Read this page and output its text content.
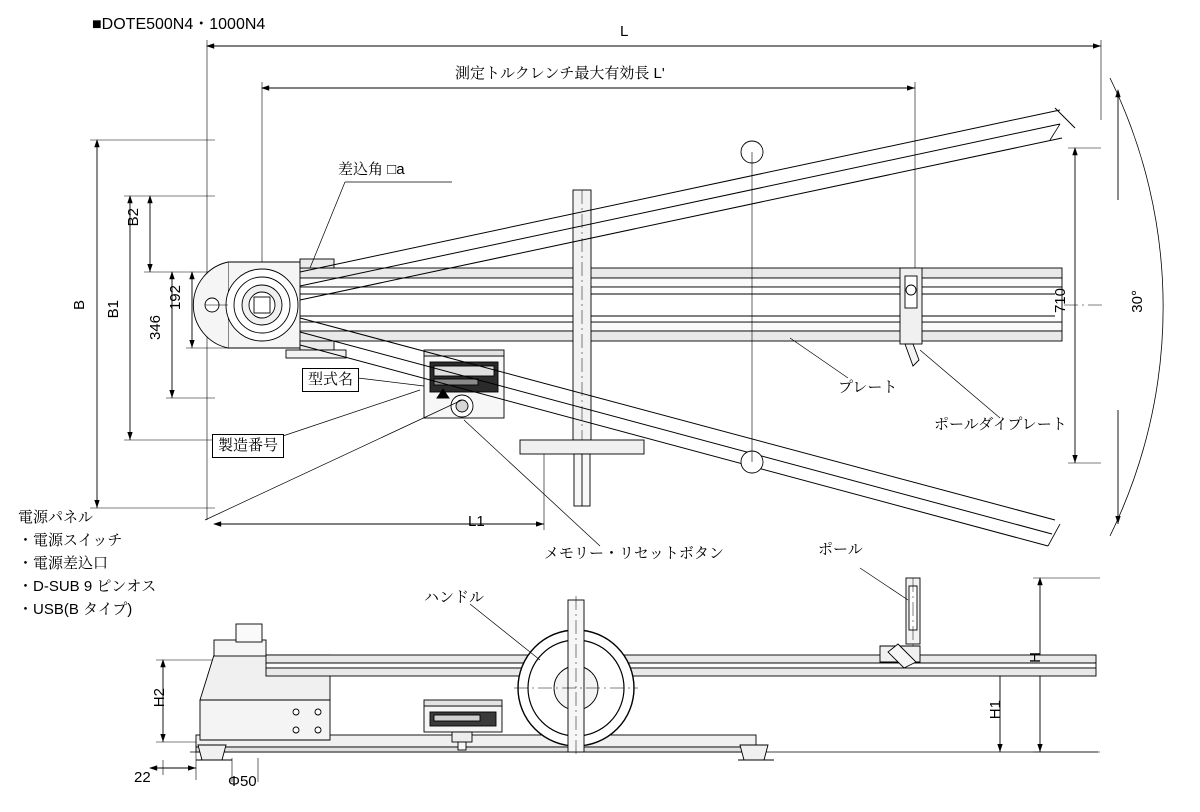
■DOTE500N4・1000N4	L
測定トルクレンチ最大有効長 L'
B B1
B2
346
192	710	30°
L1
差込角 □a
型式名
製造番号
プレート
ポールダイプレート
メモリー・リセットボタン
電源パネル
・電源スイッチ
・電源差込口
・D-SUB 9 ピンオス
・USB(B タイプ)
ハンドル
ポール
H
H1
H2
22	Φ50
